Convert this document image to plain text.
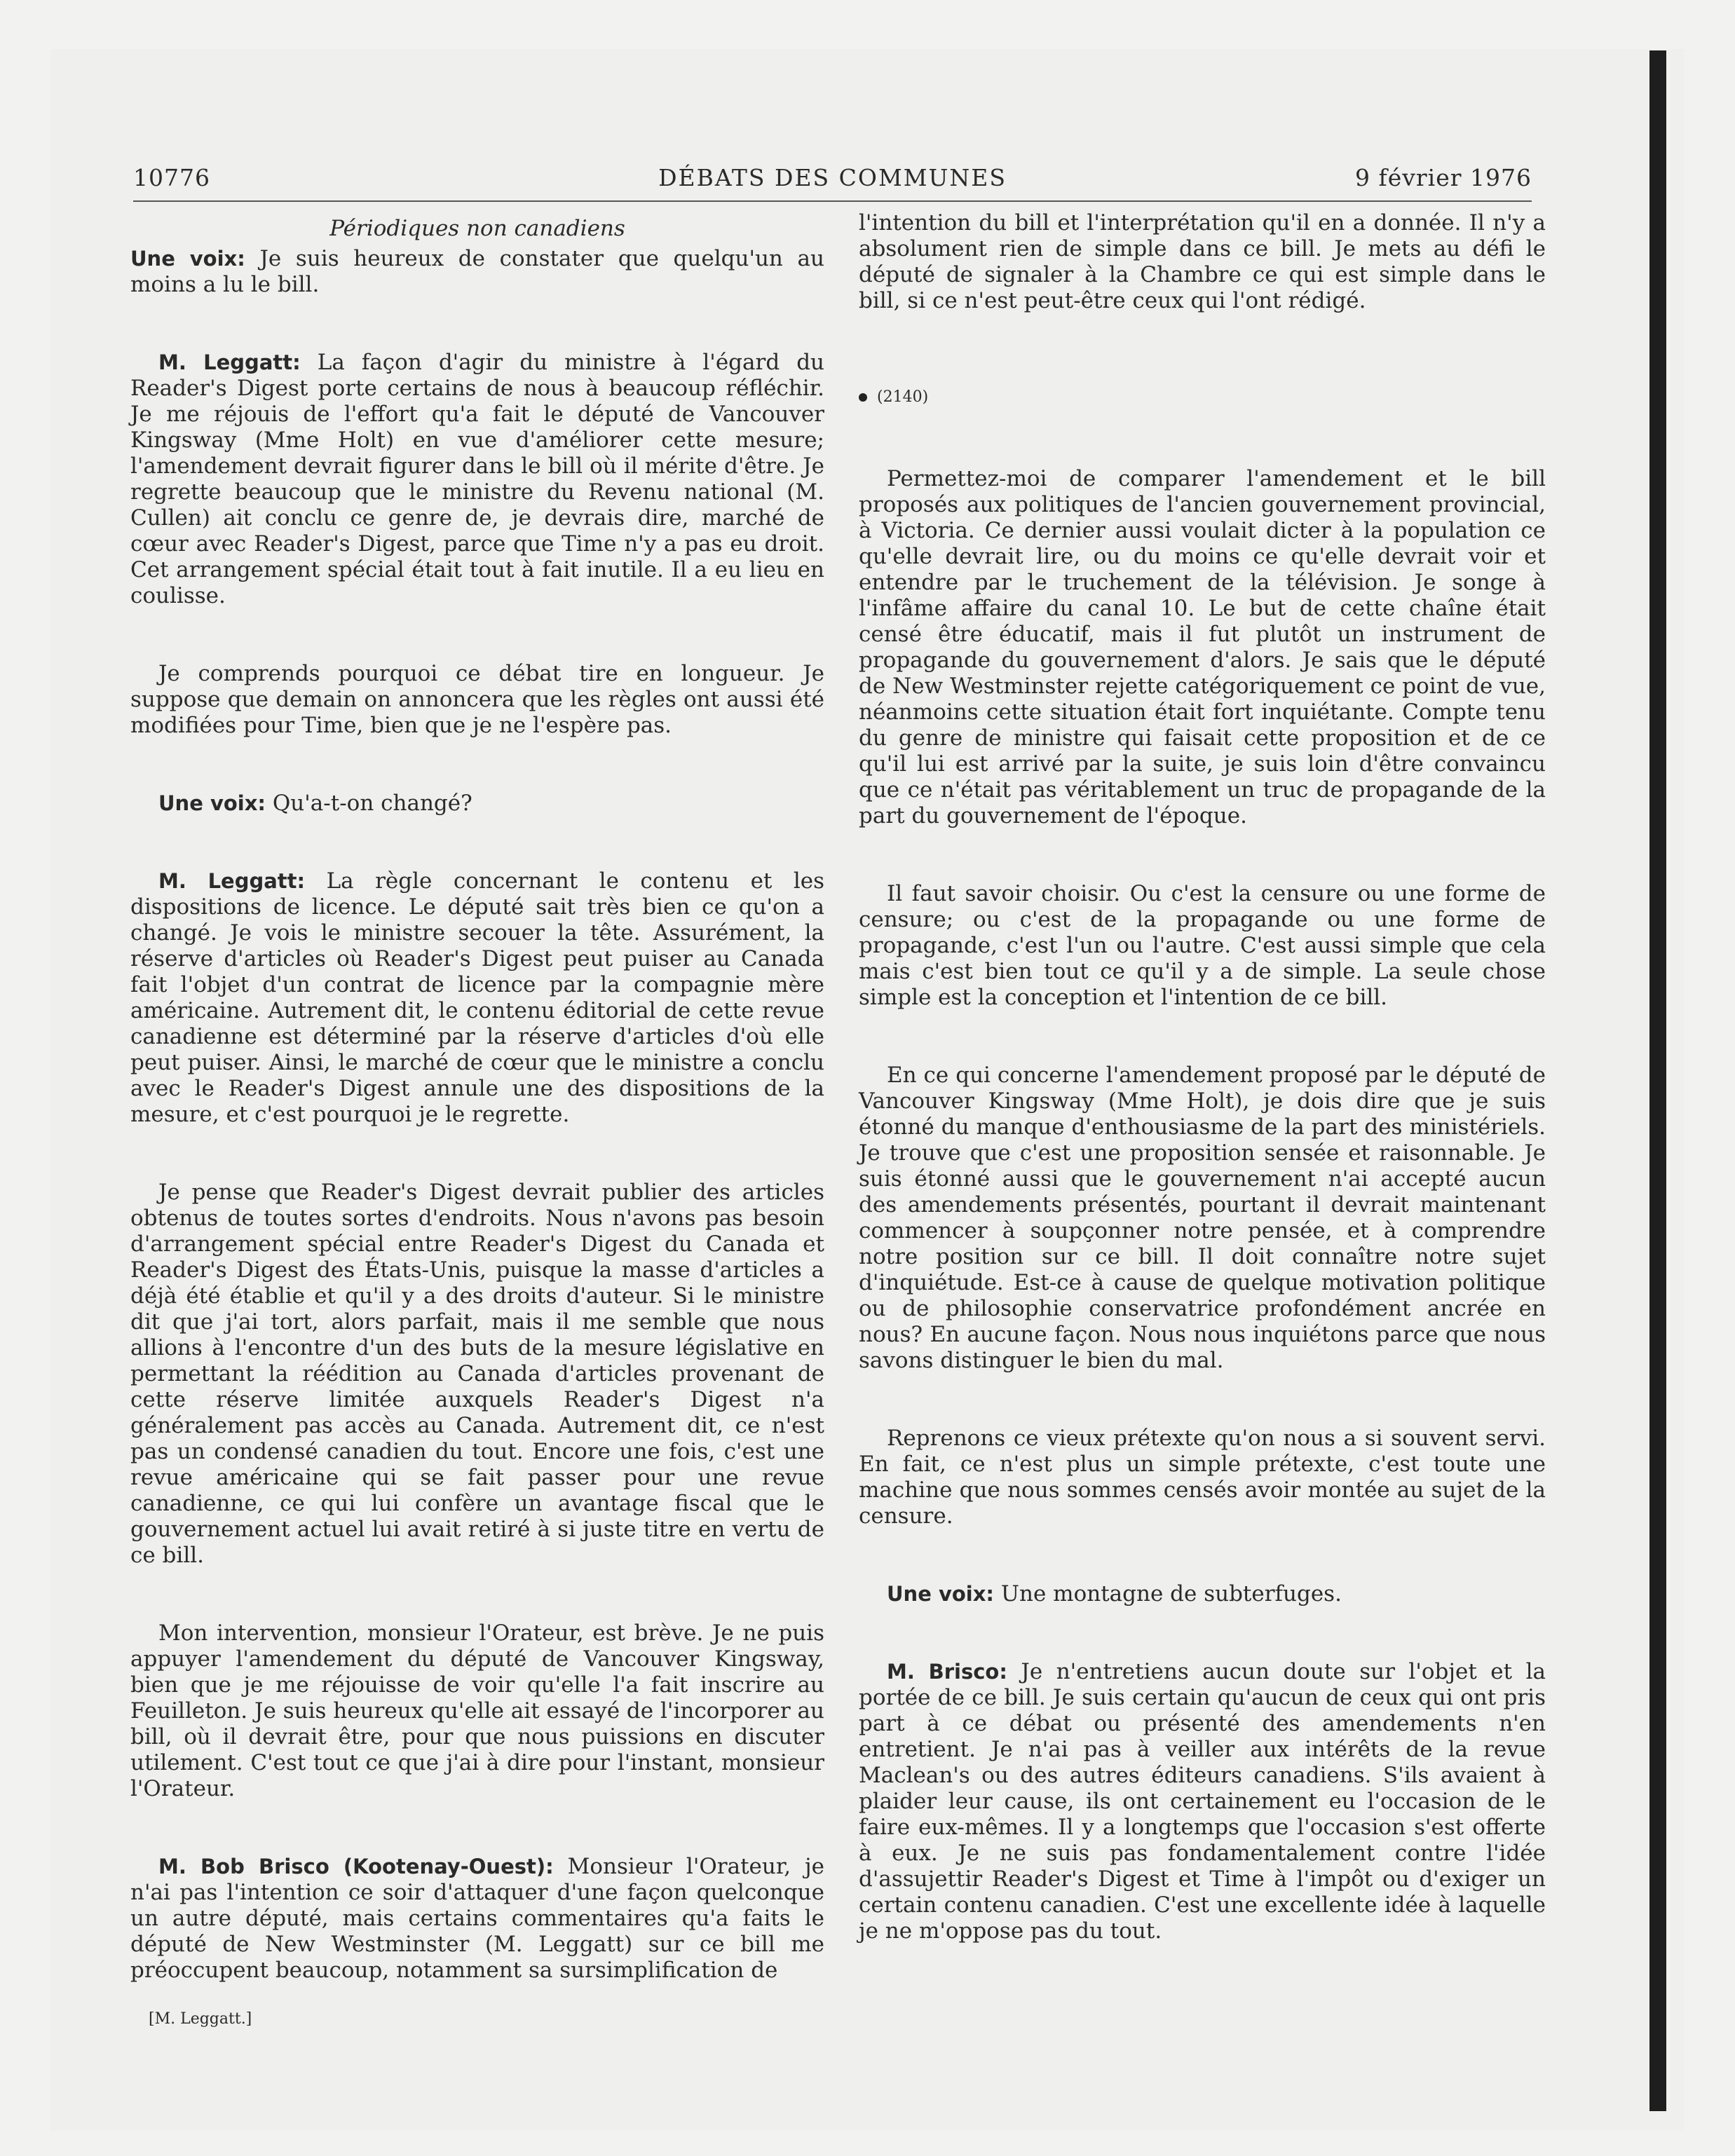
10776	DÉBATS DES COMMUNES	9 février 1976
Périodiques non canadiens

Une voix: Je suis heureux de constater que quelqu'un au moins a lu le bill.

M. Leggatt: La façon d'agir du ministre à l'égard du Reader's Digest porte certains de nous à beaucoup réfléchir. Je me réjouis de l'effort qu'a fait le député de Vancouver Kingsway (Mme Holt) en vue d'améliorer cette mesure; l'amendement devrait figurer dans le bill où il mérite d'être. Je regrette beaucoup que le ministre du Revenu national (M. Cullen) ait conclu ce genre de, je devrais dire, marché de cœur avec Reader's Digest, parce que Time n'y a pas eu droit. Cet arrangement spécial était tout à fait inutile. Il a eu lieu en coulisse.

Je comprends pourquoi ce débat tire en longueur. Je suppose que demain on annoncera que les règles ont aussi été modifiées pour Time, bien que je ne l'espère pas.

Une voix: Qu'a-t-on changé?

M. Leggatt: La règle concernant le contenu et les dispositions de licence. Le député sait très bien ce qu'on a changé. Je vois le ministre secouer la tête. Assurément, la réserve d'articles où Reader's Digest peut puiser au Canada fait l'objet d'un contrat de licence par la compagnie mère américaine. Autrement dit, le contenu éditorial de cette revue canadienne est déterminé par la réserve d'articles d'où elle peut puiser. Ainsi, le marché de cœur que le ministre a conclu avec le Reader's Digest annule une des dispositions de la mesure, et c'est pourquoi je le regrette.

Je pense que Reader's Digest devrait publier des articles obtenus de toutes sortes d'endroits. Nous n'avons pas besoin d'arrangement spécial entre Reader's Digest du Canada et Reader's Digest des États-Unis, puisque la masse d'articles a déjà été établie et qu'il y a des droits d'auteur. Si le ministre dit que j'ai tort, alors parfait, mais il me semble que nous allions à l'encontre d'un des buts de la mesure législative en permettant la réédition au Canada d'articles provenant de cette réserve limitée auxquels Reader's Digest n'a généralement pas accès au Canada. Autrement dit, ce n'est pas un condensé canadien du tout. Encore une fois, c'est une revue américaine qui se fait passer pour une revue canadienne, ce qui lui confère un avantage fiscal que le gouvernement actuel lui avait retiré à si juste titre en vertu de ce bill.

Mon intervention, monsieur l'Orateur, est brève. Je ne puis appuyer l'amendement du député de Vancouver Kingsway, bien que je me réjouisse de voir qu'elle l'a fait inscrire au Feuilleton. Je suis heureux qu'elle ait essayé de l'incorporer au bill, où il devrait être, pour que nous puissions en discuter utilement. C'est tout ce que j'ai à dire pour l'instant, monsieur l'Orateur.

M. Bob Brisco (Kootenay-Ouest): Monsieur l'Orateur, je n'ai pas l'intention ce soir d'attaquer d'une façon quelconque un autre député, mais certains commentaires qu'a faits le député de New Westminster (M. Leggatt) sur ce bill me préoccupent beaucoup, notamment sa sursimplification de

[M. Leggatt.]

l'intention du bill et l'interprétation qu'il en a donnée. Il n'y a absolument rien de simple dans ce bill. Je mets au défi le député de signaler à la Chambre ce qui est simple dans le bill, si ce n'est peut-être ceux qui l'ont rédigé.

(2140)

Permettez-moi de comparer l'amendement et le bill proposés aux politiques de l'ancien gouvernement provincial, à Victoria. Ce dernier aussi voulait dicter à la population ce qu'elle devrait lire, ou du moins ce qu'elle devrait voir et entendre par le truchement de la télévision. Je songe à l'infâme affaire du canal 10. Le but de cette chaîne était censé être éducatif, mais il fut plutôt un instrument de propagande du gouvernement d'alors. Je sais que le député de New Westminster rejette catégoriquement ce point de vue, néanmoins cette situation était fort inquiétante. Compte tenu du genre de ministre qui faisait cette proposition et de ce qu'il lui est arrivé par la suite, je suis loin d'être convaincu que ce n'était pas véritablement un truc de propagande de la part du gouvernement de l'époque.

Il faut savoir choisir. Ou c'est la censure ou une forme de censure; ou c'est de la propagande ou une forme de propagande, c'est l'un ou l'autre. C'est aussi simple que cela mais c'est bien tout ce qu'il y a de simple. La seule chose simple est la conception et l'intention de ce bill.

En ce qui concerne l'amendement proposé par le député de Vancouver Kingsway (Mme Holt), je dois dire que je suis étonné du manque d'enthousiasme de la part des ministériels. Je trouve que c'est une proposition sensée et raisonnable. Je suis étonné aussi que le gouvernement n'ai accepté aucun des amendements présentés, pourtant il devrait maintenant commencer à soupçonner notre pensée, et à comprendre notre position sur ce bill. Il doit connaître notre sujet d'inquiétude. Est-ce à cause de quelque motivation politique ou de philosophie conservatrice profondément ancrée en nous? En aucune façon. Nous nous inquiétons parce que nous savons distinguer le bien du mal.

Reprenons ce vieux prétexte qu'on nous a si souvent servi. En fait, ce n'est plus un simple prétexte, c'est toute une machine que nous sommes censés avoir montée au sujet de la censure.

Une voix: Une montagne de subterfuges.

M. Brisco: Je n'entretiens aucun doute sur l'objet et la portée de ce bill. Je suis certain qu'aucun de ceux qui ont pris part à ce débat ou présenté des amendements n'en entretient. Je n'ai pas à veiller aux intérêts de la revue Maclean's ou des autres éditeurs canadiens. S'ils avaient à plaider leur cause, ils ont certainement eu l'occasion de le faire eux-mêmes. Il y a longtemps que l'occasion s'est offerte à eux. Je ne suis pas fondamentalement contre l'idée d'assujettir Reader's Digest et Time à l'impôt ou d'exiger un certain contenu canadien. C'est une excellente idée à laquelle je ne m'oppose pas du tout.
